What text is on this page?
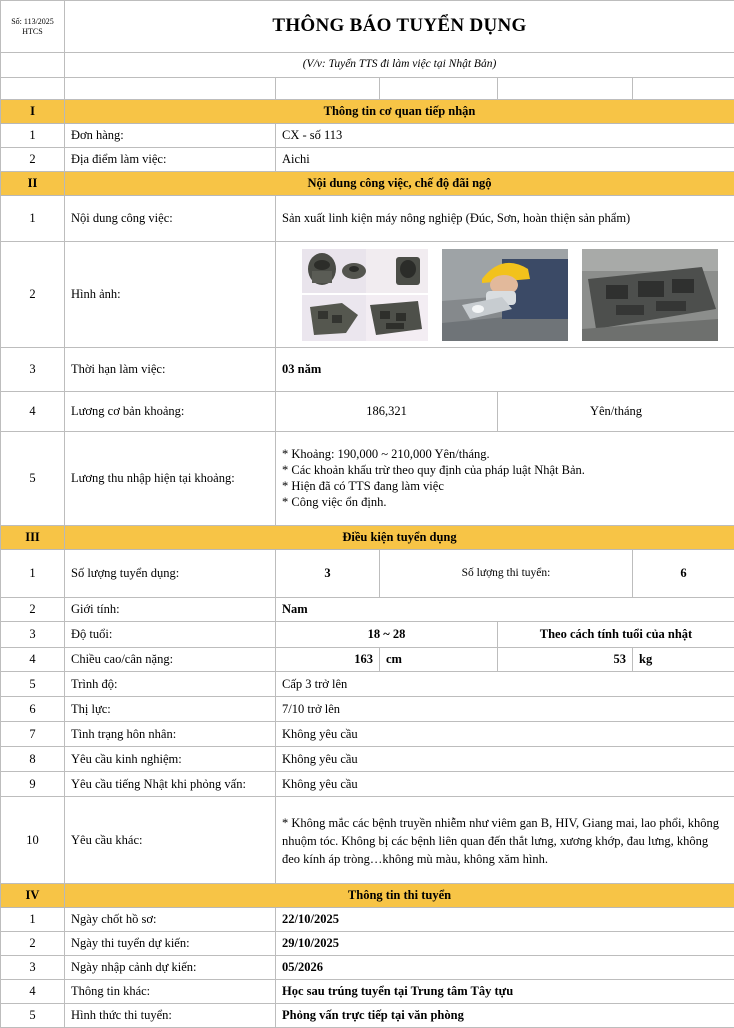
Số: 113/2025
HTCS	THÔNG BÁO TUYỂN DỤNG				
	(V/v: Tuyển TTS đi làm việc tại Nhật Bản)				

I	Thông tin cơ quan tiếp nhận				
1	Đơn hàng:	CX - số 113			
2	Địa điểm làm việc:	Aichi			
II	Nội dung công việc, chế độ đãi ngộ				
1	Nội dung công việc:	Sản xuất linh kiện máy nông nghiệp (Đúc, Sơn, hoàn thiện sản phẩm)			
2	Hình ảnh:	

3	Thời hạn làm việc:	03 năm			
4	Lương cơ bản khoảng:	186,321		Yên/tháng	
5	Lương thu nhập hiện tại khoảng:	* Khoảng: 190,000 ~ 210,000 Yên/tháng.
* Các khoản khấu trừ theo quy định của pháp luật Nhật Bản.
* Hiện đã có TTS đang làm việc
* Công việc ổn định.			

III	Điều kiện tuyển dụng				
1	Số lượng tuyển dụng:	3	Số lượng thi tuyển:		6
2	Giới tính:	Nam			
3	Độ tuổi:	18 ~ 28		Theo cách tính tuổi của nhật	
4	Chiều cao/cân nặng:	163	cm	53	kg
5	Trình độ:	Cấp 3 trở lên			
6	Thị lực:	7/10 trở lên			
7	Tình trạng hôn nhân:	Không yêu cầu			
8	Yêu cầu kinh nghiệm:	Không yêu cầu			
9	Yêu cầu tiếng Nhật khi phỏng vấn:	Không yêu cầu			
10	Yêu cầu khác:	* Không mắc các bệnh truyền nhiễm như viêm gan B, HIV, Giang mai, lao phổi, không nhuộm tóc. Không bị các bệnh liên quan đến thắt lưng, xương khớp, đau lưng, không đeo kính áp tròng…không mù màu, không xăm hình.			
IV	Thông tin thi tuyển				
1	Ngày chốt hồ sơ:	22/10/2025			
2	Ngày thi tuyển dự kiến:	29/10/2025			
3	Ngày nhập cảnh dự kiến:	05/2026			
4	Thông tin khác:	Học sau trúng tuyển tại Trung tâm Tây tựu			
5	Hình thức thi tuyển:	Phỏng vấn trực tiếp tại văn phòng			
